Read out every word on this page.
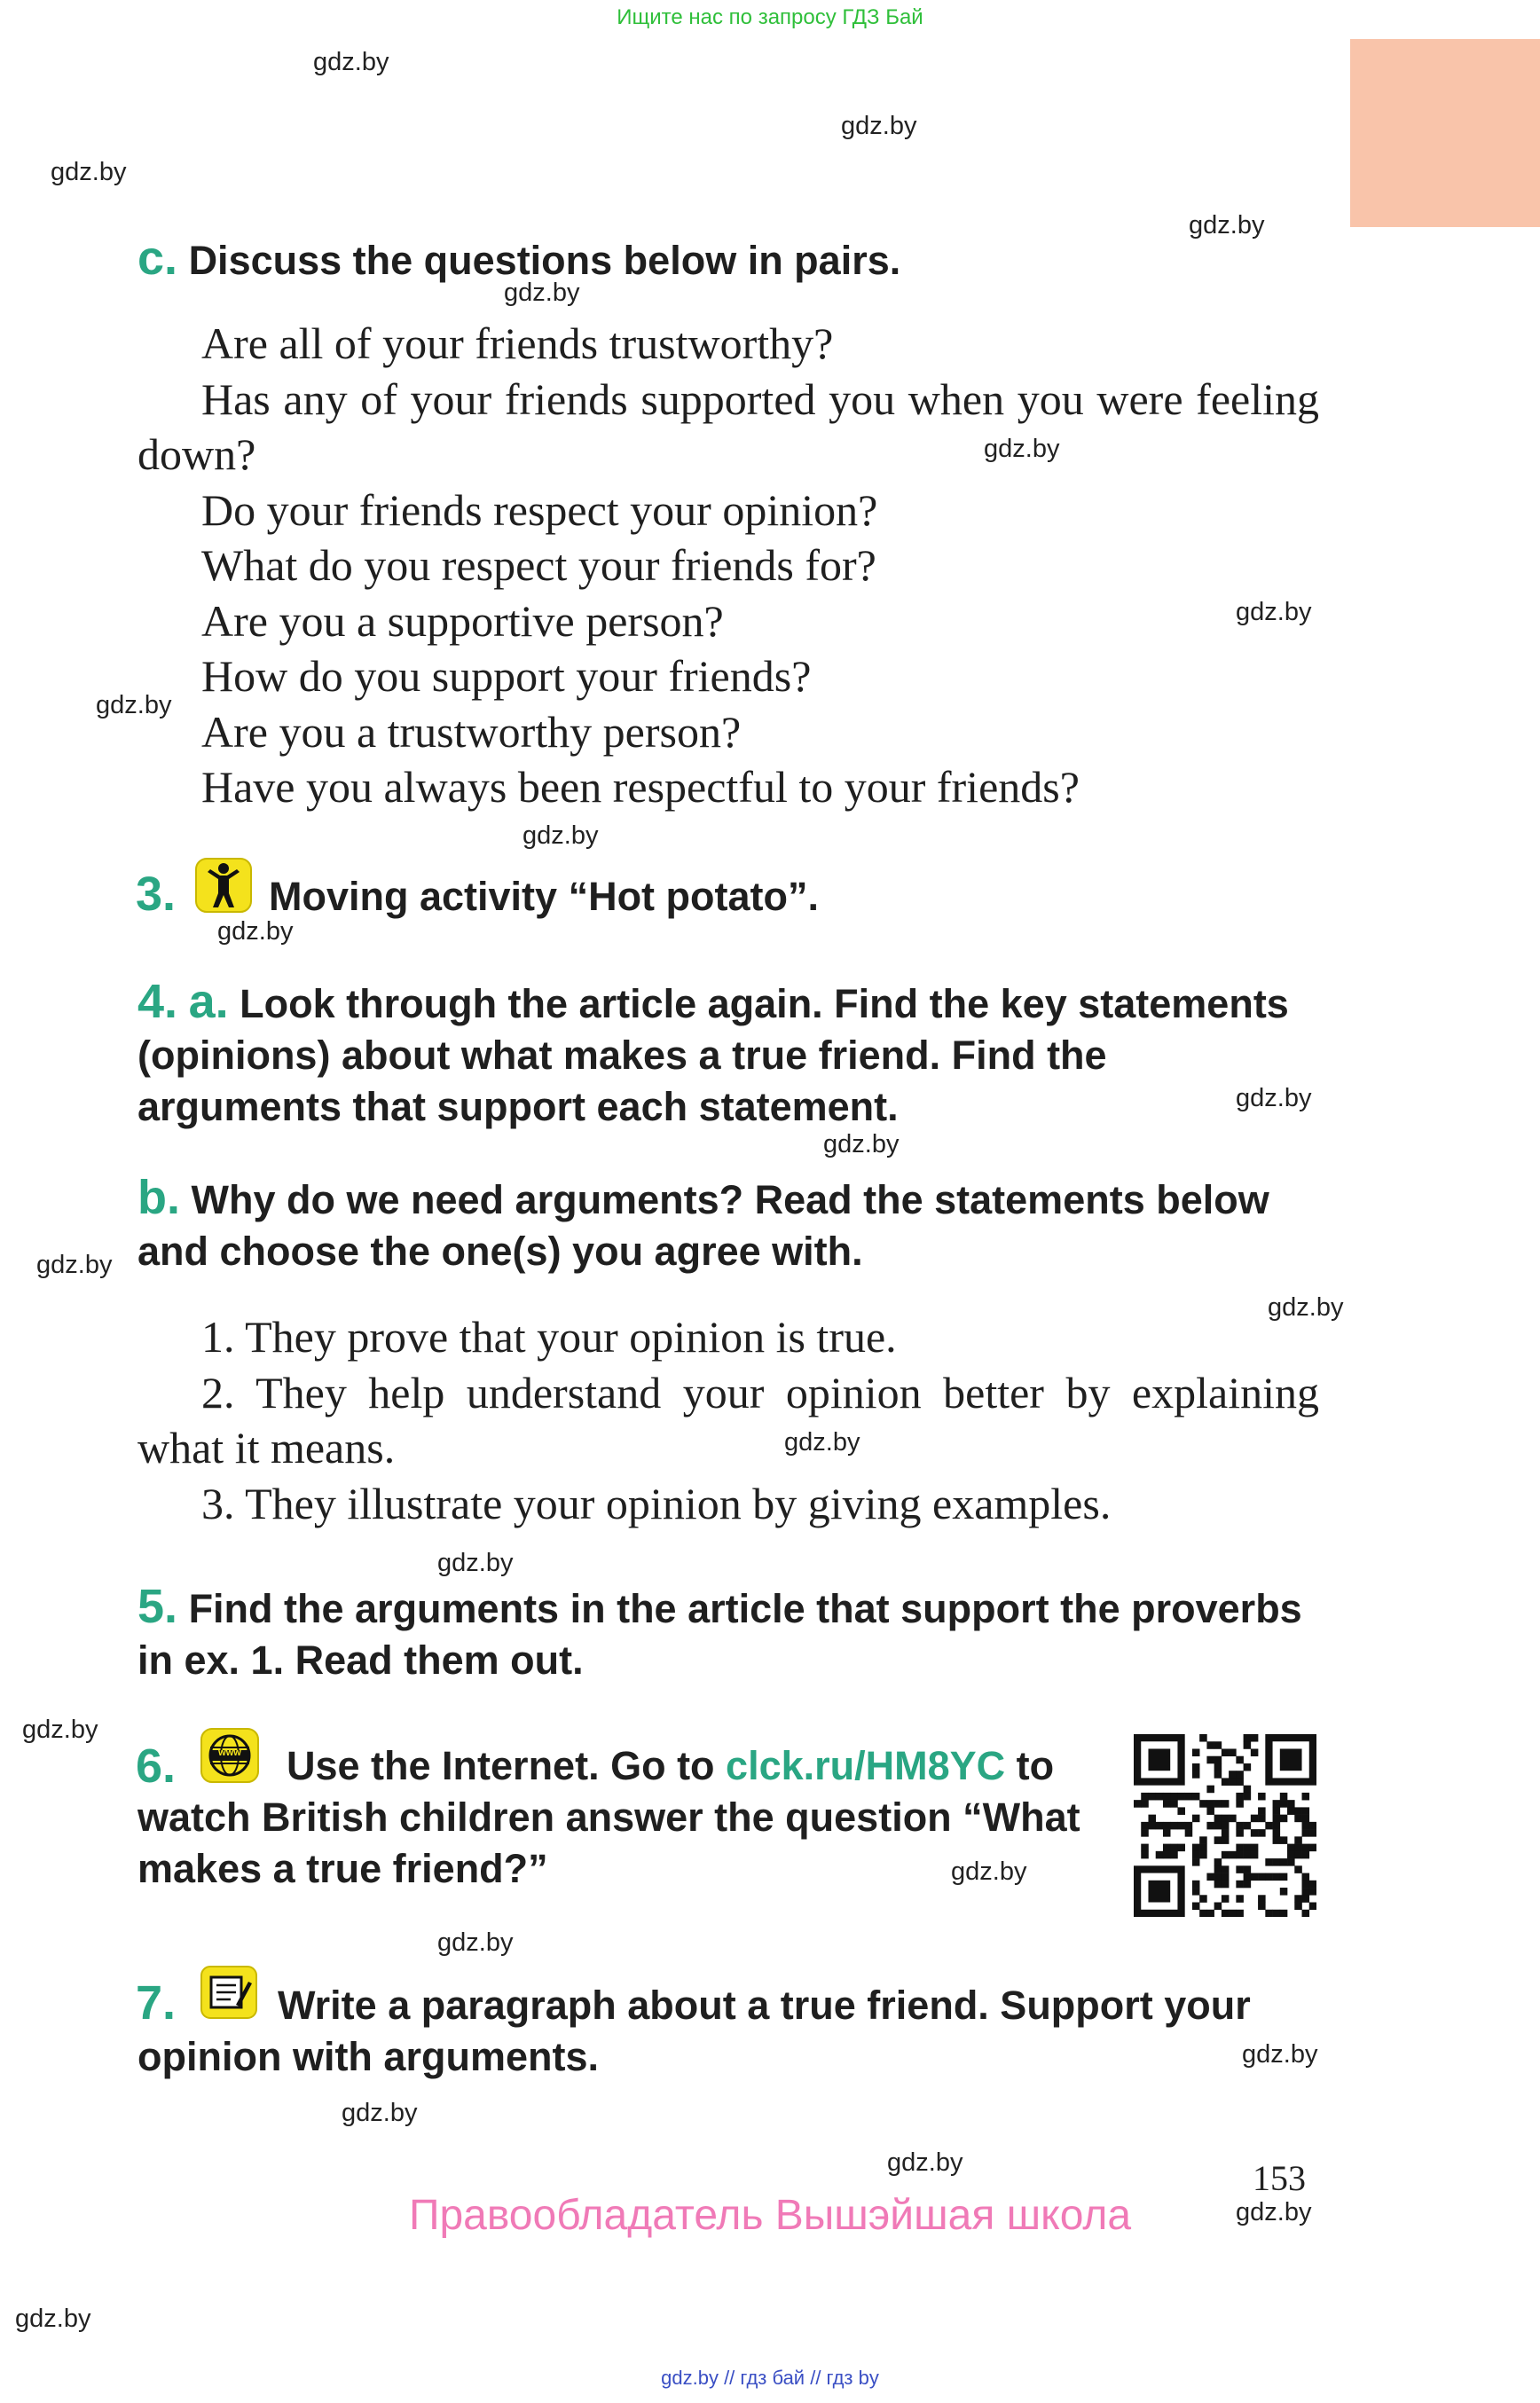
Ищите нас по запросу ГДЗ Бай
gdz.by
gdz.by
gdz.by
gdz.by
gdz.by
gdz.by
gdz.by
gdz.by
gdz.by
gdz.by
gdz.by
gdz.by
gdz.by
gdz.by
gdz.by
gdz.by
gdz.by
gdz.by
gdz.by
gdz.by
gdz.by
gdz.by
gdz.by
gdz.by
c. Discuss the questions below in pairs.

Are all of your friends trustworthy?

Has any of your friends supported you when you were feeling down?

Do your friends respect your opinion?

What do you respect your friends for?

Are you a supportive person?

How do you support your friends?

Are you a trustworthy person?

Have you always been respectful to your friends?

3. Moving activity “Hot potato”.
4. a. Look through the article again. Find the key statements (opinions) about what makes a true friend. Find the arguments that support each statement.
b. Why do we need arguments? Read the statements below and choose the one(s) you agree with.

1. They prove that your opinion is true.

2. They help understand your opinion better by explaining what it means.

3. They illustrate your opinion by giving examples.

5. Find the arguments in the article that support the proverbs in ex. 1. Read them out.
6.	www	Use the Internet. Go to clck.ru/HM8YC to watch British children answer the question “What makes a true friend?”
7.	Write a paragraph about a true friend. Support your opinion with arguments.
153
Правообладатель Вышэйшая школа
gdz.by // гдз бай // гдз by
